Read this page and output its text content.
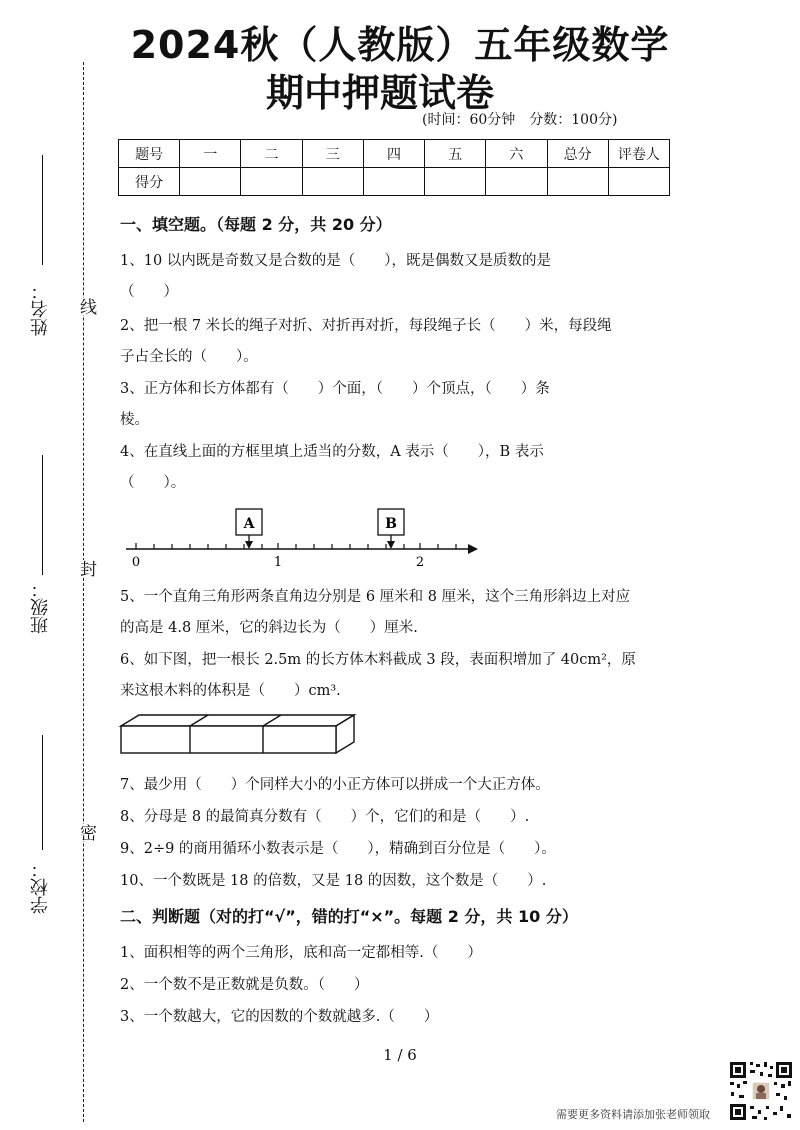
2024秋（人教版）五年级数学
期中押题试卷
(时间：60分钟　分数：100分)
题号	一	二	三	四	五	六	总分	评卷人
得分								
姓名：
班级：
学校：
线
封
密
一、填空题。（每题 2 分，共 20 分）
1、10 以内既是奇数又是合数的是（　　），既是偶数又是质数的是
（　　）
2、把一根 7 米长的绳子对折、对折再对折，每段绳子长（　　）米，每段绳
子占全长的（　　）。
3、正方体和长方体都有（　　）个面，（　　）个顶点，（　　）条
棱。
4、在直线上面的方框里填上适当的分数，A 表示（　　），B 表示
（　　）。
A	B
0	1	2
5、一个直角三角形两条直角边分别是 6 厘米和 8 厘米，这个三角形斜边上对应
的高是 4.8 厘米，它的斜边长为（　　）厘米.
6、如下图，把一根长 2.5m 的长方体木料截成 3 段，表面积增加了 40cm²，原
来这根木料的体积是（　　）cm³.
7、最少用（　　）个同样大小的小正方体可以拼成一个大正方体。
8、分母是 8 的最简真分数有（　　）个，它们的和是（　　）.
9、2÷9 的商用循环小数表示是（　　），精确到百分位是（　　）。
10、一个数既是 18 的倍数，又是 18 的因数，这个数是（　　）.
二、判断题（对的打“√”，错的打“×”。每题 2 分，共 10 分）
1、面积相等的两个三角形，底和高一定都相等.（　　）
2、一个数不是正数就是负数。（　　）
3、一个数越大，它的因数的个数就越多.（　　）
1 / 6
需要更多资料请添加张老师领取
